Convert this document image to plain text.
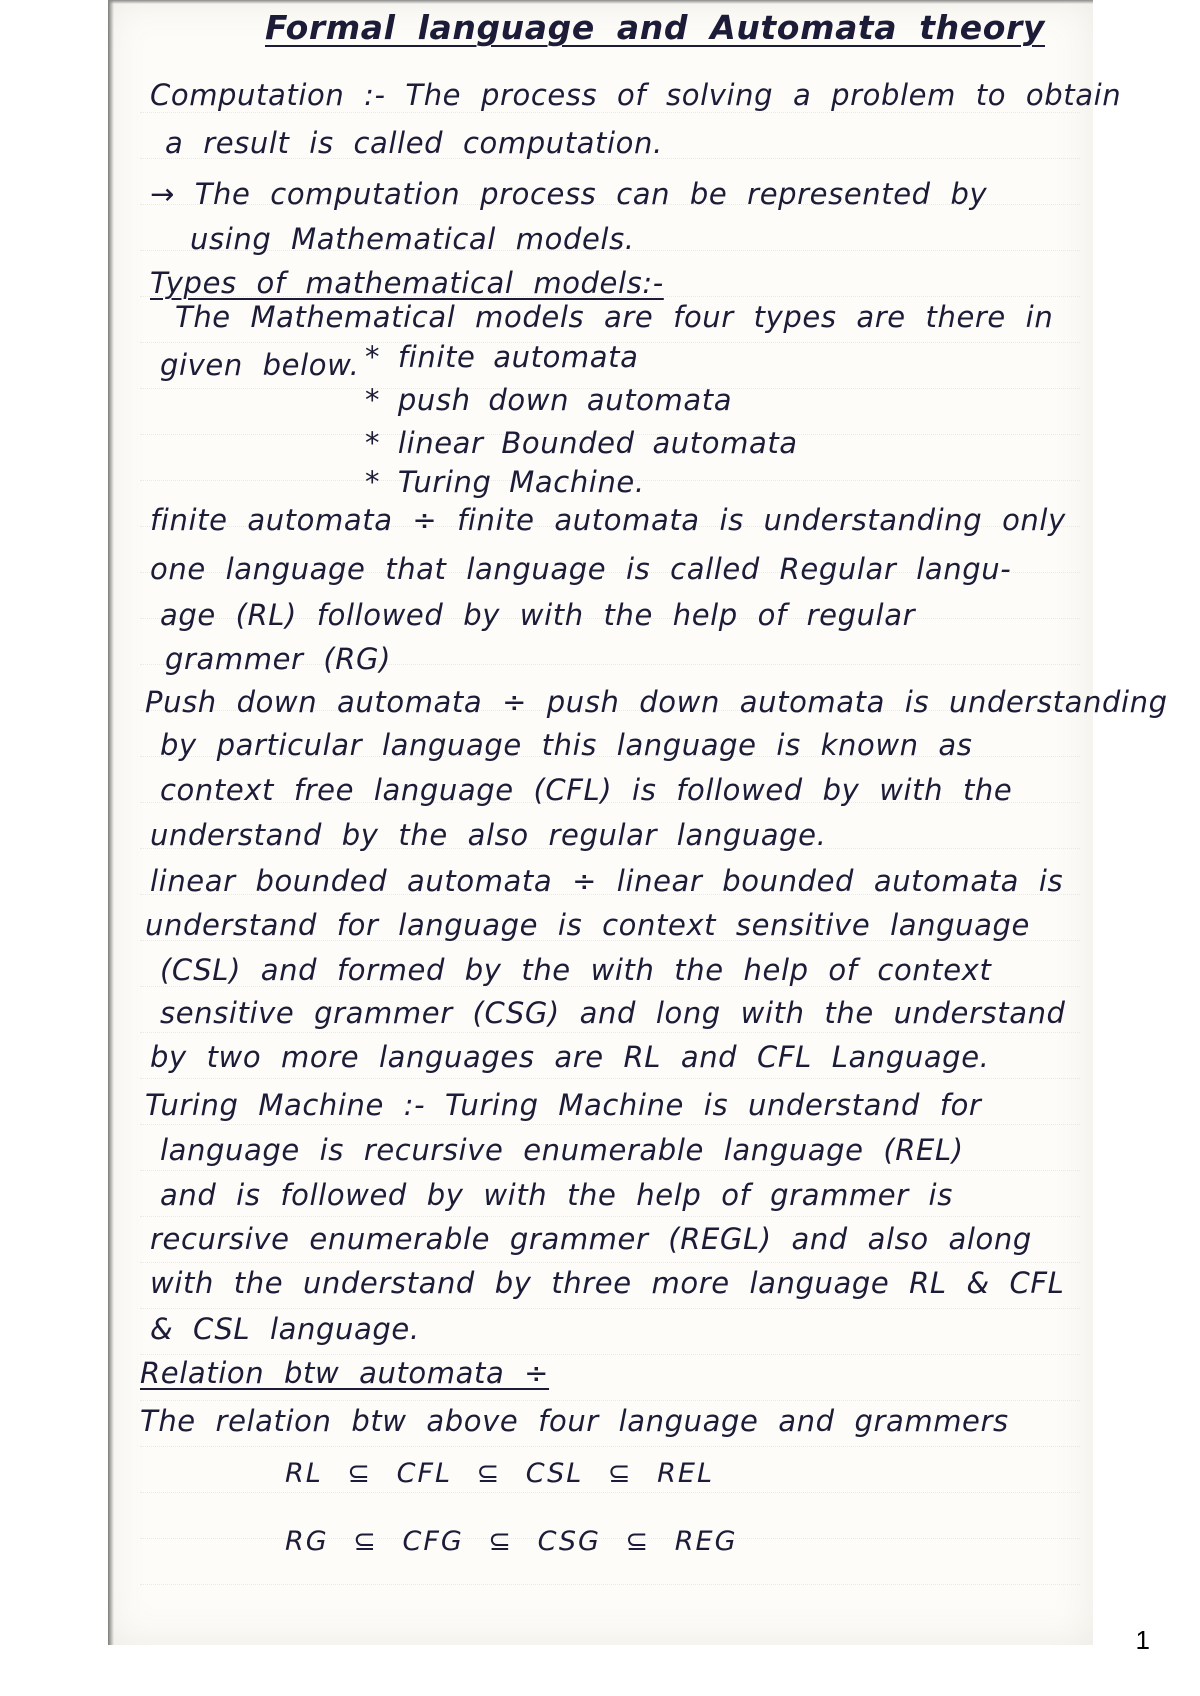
Formal language and Automata theory

Computation :- The process of solving a problem to obtain

a result is called computation.

→ The computation process can be represented by

using Mathematical models.

Types of mathematical models:-

The Mathematical models are four types are there in

given below. * finite automata

* push down automata

* linear Bounded automata

* Turing Machine.

finite automata ÷ finite automata is understanding only

one language that language is called Regular langu-

age (RL) followed by with the help of regular

grammer (RG)

Push down automata ÷ push down automata is understanding

by particular language this language is known as

context free language (CFL) is followed by with the

understand by the also regular language.

linear bounded automata ÷ linear bounded automata is

understand for language is context sensitive language

(CSL) and formed by the with the help of context

sensitive grammer (CSG) and long with the understand

by two more languages are RL and CFL Language.

Turing Machine :- Turing Machine is understand for

language is recursive enumerable language (REL)

and is followed by with the help of grammer is

recursive enumerable grammer (REGL) and also along

with the understand by three more language RL & CFL

& CSL language.

Relation btw automata ÷

The relation btw above four language and grammers

RL ⊆ CFL ⊆ CSL ⊆ REL

RG ⊆ CFG ⊆ CSG ⊆ REG

1
